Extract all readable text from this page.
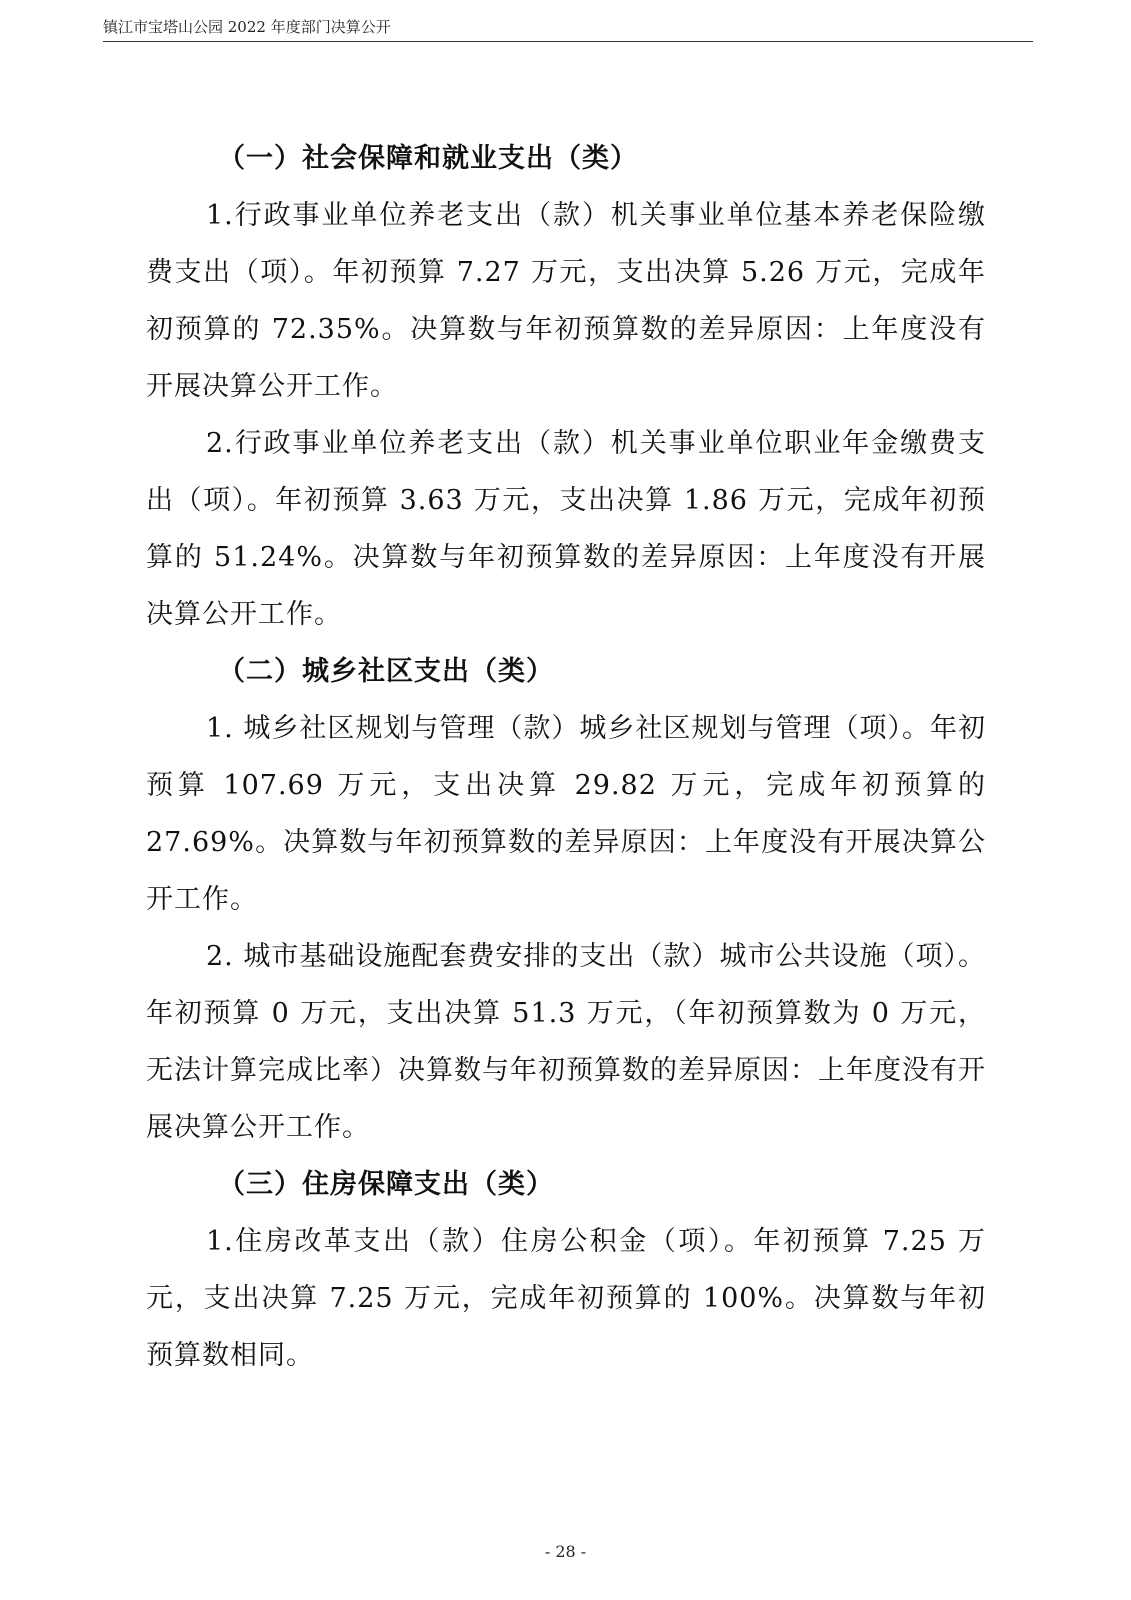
镇江市宝塔山公园 2022 年度部门决算公开
（一）社会保障和就业支出（类）

1.行政事业单位养老支出（款）机关事业单位基本养老保险缴费支出（项）。年初预算 7.27 万元，支出决算 5.26 万元，完成年初预算的 72.35%。决算数与年初预算数的差异原因：上年度没有开展决算公开工作。

2.行政事业单位养老支出（款）机关事业单位职业年金缴费支出（项）。年初预算 3.63 万元，支出决算 1.86 万元，完成年初预算的 51.24%。决算数与年初预算数的差异原因：上年度没有开展决算公开工作。

（二）城乡社区支出（类）

1. 城乡社区规划与管理（款）城乡社区规划与管理（项）。年初预算 107.69 万元，支出决算 29.82 万元，完成年初预算的 27.69%。决算数与年初预算数的差异原因：上年度没有开展决算公开工作。

2. 城市基础设施配套费安排的支出（款）城市公共设施（项）。年初预算 0 万元，支出决算 51.3 万元，（年初预算数为 0 万元，无法计算完成比率）决算数与年初预算数的差异原因：上年度没有开展决算公开工作。

（三）住房保障支出（类）

1.住房改革支出（款）住房公积金（项）。年初预算 7.25 万元，支出决算 7.25 万元，完成年初预算的 100%。决算数与年初预算数相同。

- 28 -
